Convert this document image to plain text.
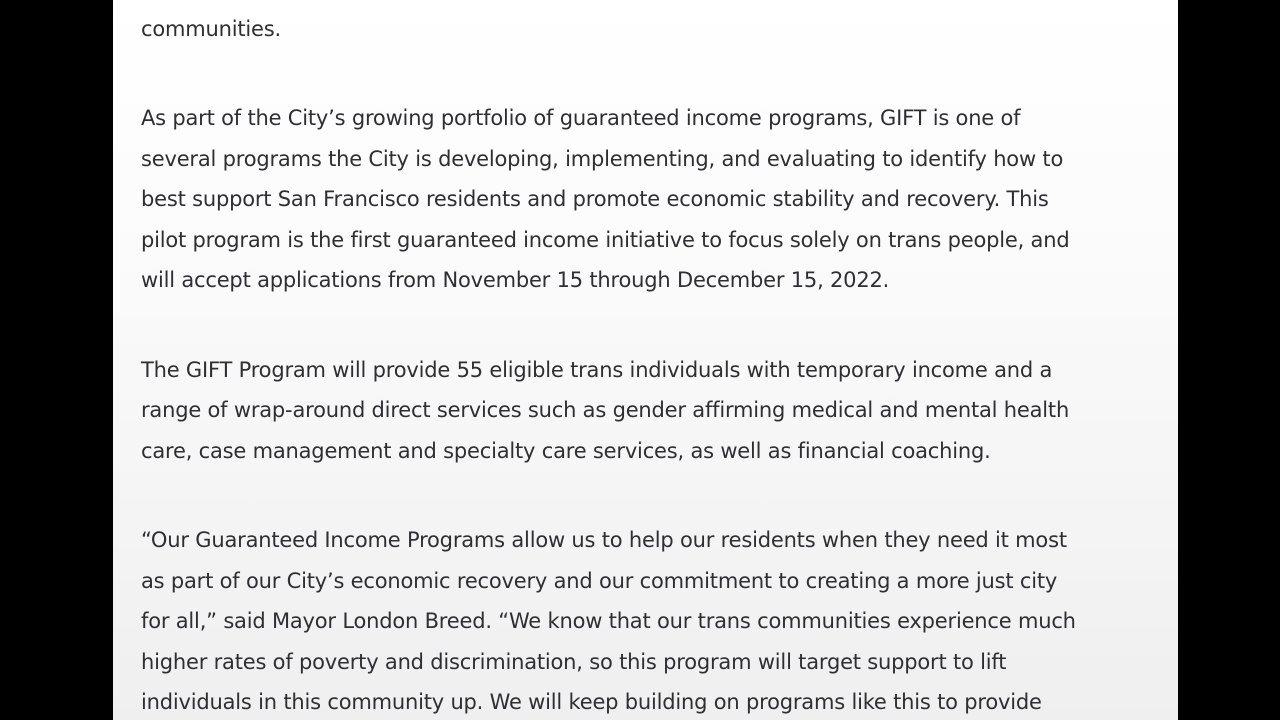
communities.

As part of the City’s growing portfolio of guaranteed income programs, GIFT is one of
several programs the City is developing, implementing, and evaluating to identify how to
best support San Francisco residents and promote economic stability and recovery. This
pilot program is the first guaranteed income initiative to focus solely on trans people, and
will accept applications from November 15 through December 15, 2022.

The GIFT Program will provide 55 eligible trans individuals with temporary income and a
range of wrap-around direct services such as gender affirming medical and mental health
care, case management and specialty care services, as well as financial coaching.

“Our Guaranteed Income Programs allow us to help our residents when they need it most
as part of our City’s economic recovery and our commitment to creating a more just city
for all,” said Mayor London Breed. “We know that our trans communities experience much
higher rates of poverty and discrimination, so this program will target support to lift
individuals in this community up. We will keep building on programs like this to provide
